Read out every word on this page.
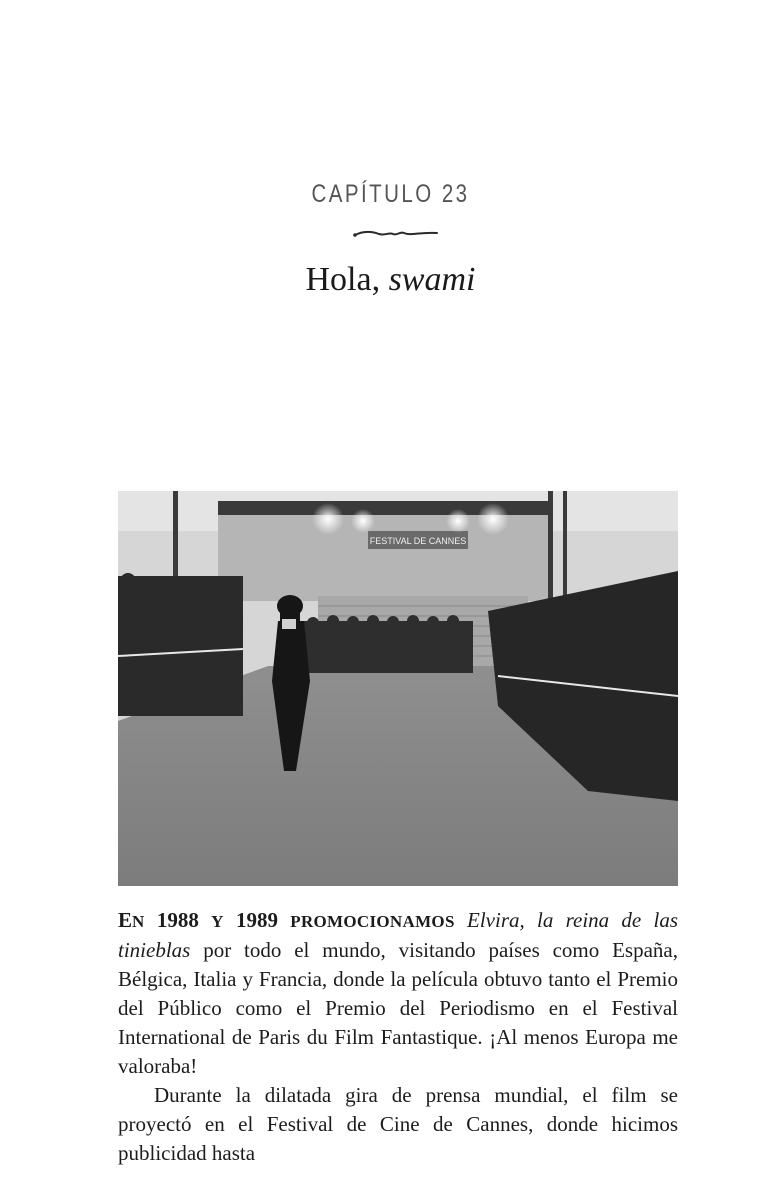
CAPÍTULO 23
Hola, swami
FESTIVAL DE CANNES

EN 1988 Y 1989 PROMOCIONAMOS Elvira, la reina de las tinieblas por todo el mundo, visitando países como España, Bélgica, Italia y Francia, donde la película obtuvo tanto el Premio del Público como el Premio del Periodismo en el Festival International de Paris du Film Fantastique. ¡Al menos Europa me valoraba!

Durante la dilatada gira de prensa mundial, el film se proyectó en el Festival de Cine de Cannes, donde hicimos publicidad hasta
